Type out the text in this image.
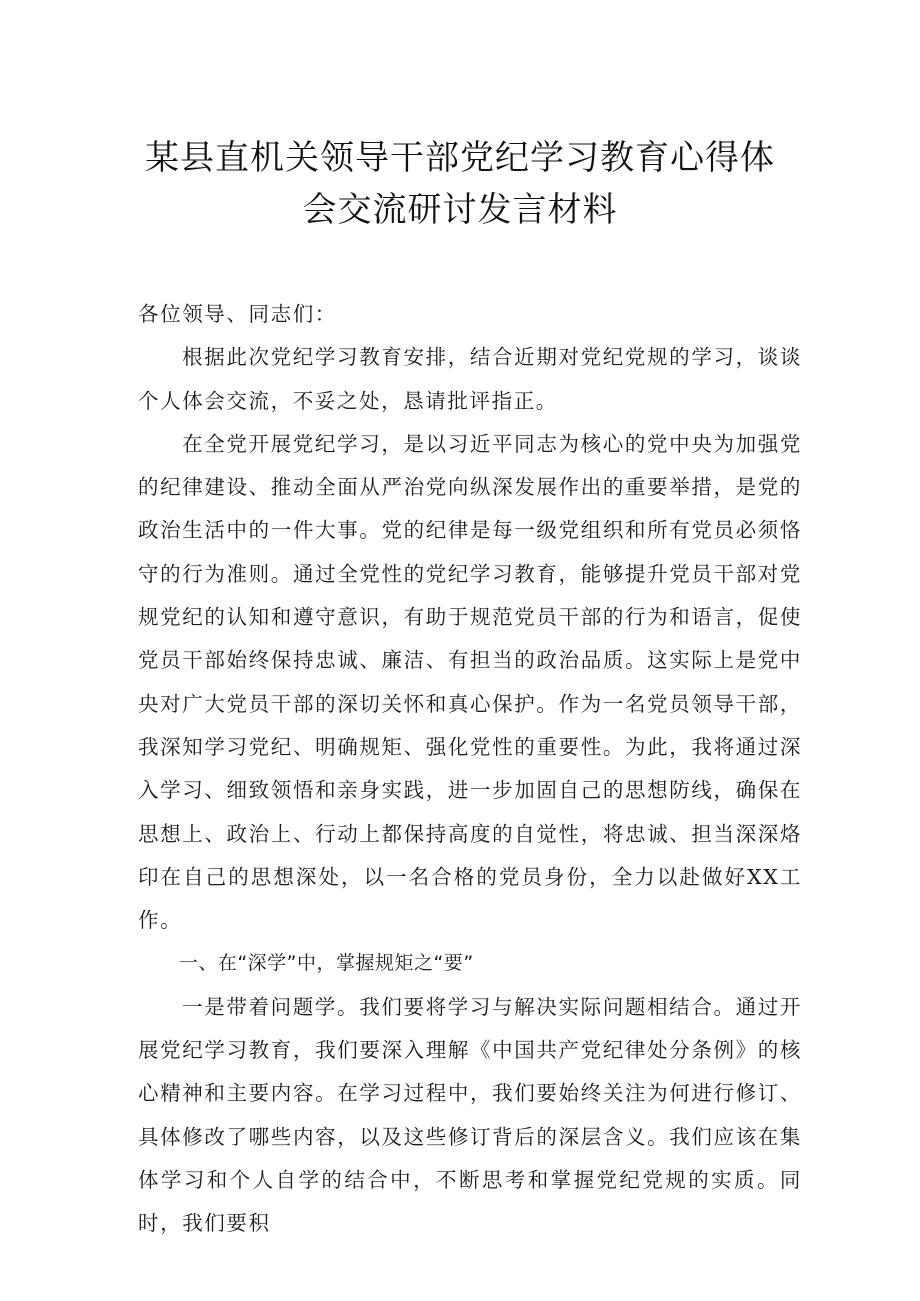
某县直机关领导干部党纪学习教育心得体
会交流研讨发言材料

各位领导、同志们：

根据此次党纪学习教育安排，结合近期对党纪党规的学习，谈谈个人体会交流，不妥之处，恳请批评指正。

在全党开展党纪学习，是以习近平同志为核心的党中央为加强党的纪律建设、推动全面从严治党向纵深发展作出的重要举措，是党的政治生活中的一件大事。党的纪律是每一级党组织和所有党员必须恪守的行为准则。通过全党性的党纪学习教育，能够提升党员干部对党规党纪的认知和遵守意识，有助于规范党员干部的行为和语言，促使党员干部始终保持忠诚、廉洁、有担当的政治品质。这实际上是党中央对广大党员干部的深切关怀和真心保护。作为一名党员领导干部，我深知学习党纪、明确规矩、强化党性的重要性。为此，我将通过深入学习、细致领悟和亲身实践，进一步加固自己的思想防线，确保在思想上、政治上、行动上都保持高度的自觉性，将忠诚、担当深深烙印在自己的思想深处，以一名合格的党员身份，全力以赴做好XX工作。

一、在“深学”中，掌握规矩之“要”

一是带着问题学。我们要将学习与解决实际问题相结合。通过开展党纪学习教育，我们要深入理解《中国共产党纪律处分条例》的核心精神和主要内容。在学习过程中，我们要始终关注为何进行修订、具体修改了哪些内容，以及这些修订背后的深层含义。我们应该在集体学习和个人自学的结合中，不断思考和掌握党纪党规的实质。同时，我们要积
